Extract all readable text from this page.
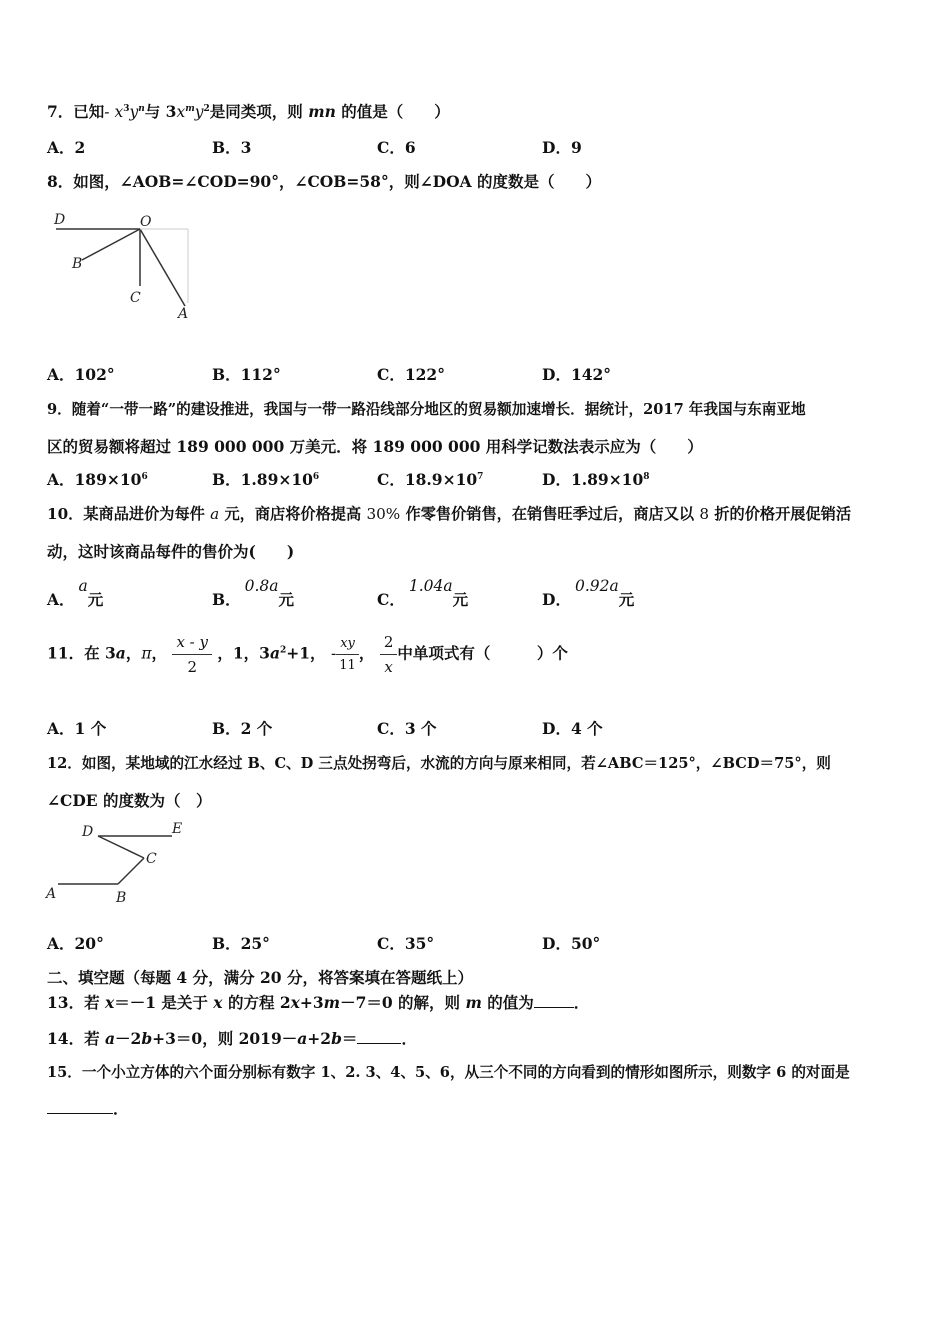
7．已知- $x^3y^n$与 $3x^my^2$是同类项，则 mn 的值是（　　）
A．2	B．3	C．6	D．9
8．如图，∠AOB=∠COD=90°，∠COB=58°，则∠DOA 的度数是（　　）
D	O
B
C
A
A．102°	B．112°	C．122°	D．142°
9．随着“一带一路”的建设推进，我国与一带一路沿线部分地区的贸易额加速增长．据统计，2017 年我国与东南亚地
区的贸易额将超过 189 000 000 万美元．将 189 000 000 用科学记数法表示应为（　　）
A．$189\times 10^6$	B．$1.89\times 10^6$	C．$18.9\times 10^7$	D．$1.89\times 10^8$
10．某商品进价为每件 a 元，商店将价格提高 30% 作零售价销售，在销售旺季过后，商店又以 8 折的价格开展促销活
动，这时该商品每件的售价为(　　)
A．a元	B．0.8a元	C．1.04a元	D．0.92a元
11．在 3a，π， $\frac{x - y}{2}$ ，1，$3a^2+1$， - $\frac{xy}{11}$ ， $\frac{2}{x}$ 中单项式有（　　　）个
A．1 个	B．2 个	C．3 个	D．4 个
12．如图，某地域的江水经过 B、C、D 三点处拐弯后，水流的方向与原来相同，若∠ABC＝125°，∠BCD＝75°，则
∠CDE 的度数为（　）
D	E
C
A	B
A．20°	B．25°	C．35°	D．50°
二、填空题（每题 4 分，满分 20 分，将答案填在答题纸上）
13．若 x＝－1 是关于 x 的方程 2x+3m－7＝0 的解，则 m 的值为	．
14．若 a－2b+3＝0，则 2019－a+2b＝	．
15．一个小立方体的六个面分别标有数字 1、2. 3、4、5、6，从三个不同的方向看到的情形如图所示，则数字 6 的对面是
．
